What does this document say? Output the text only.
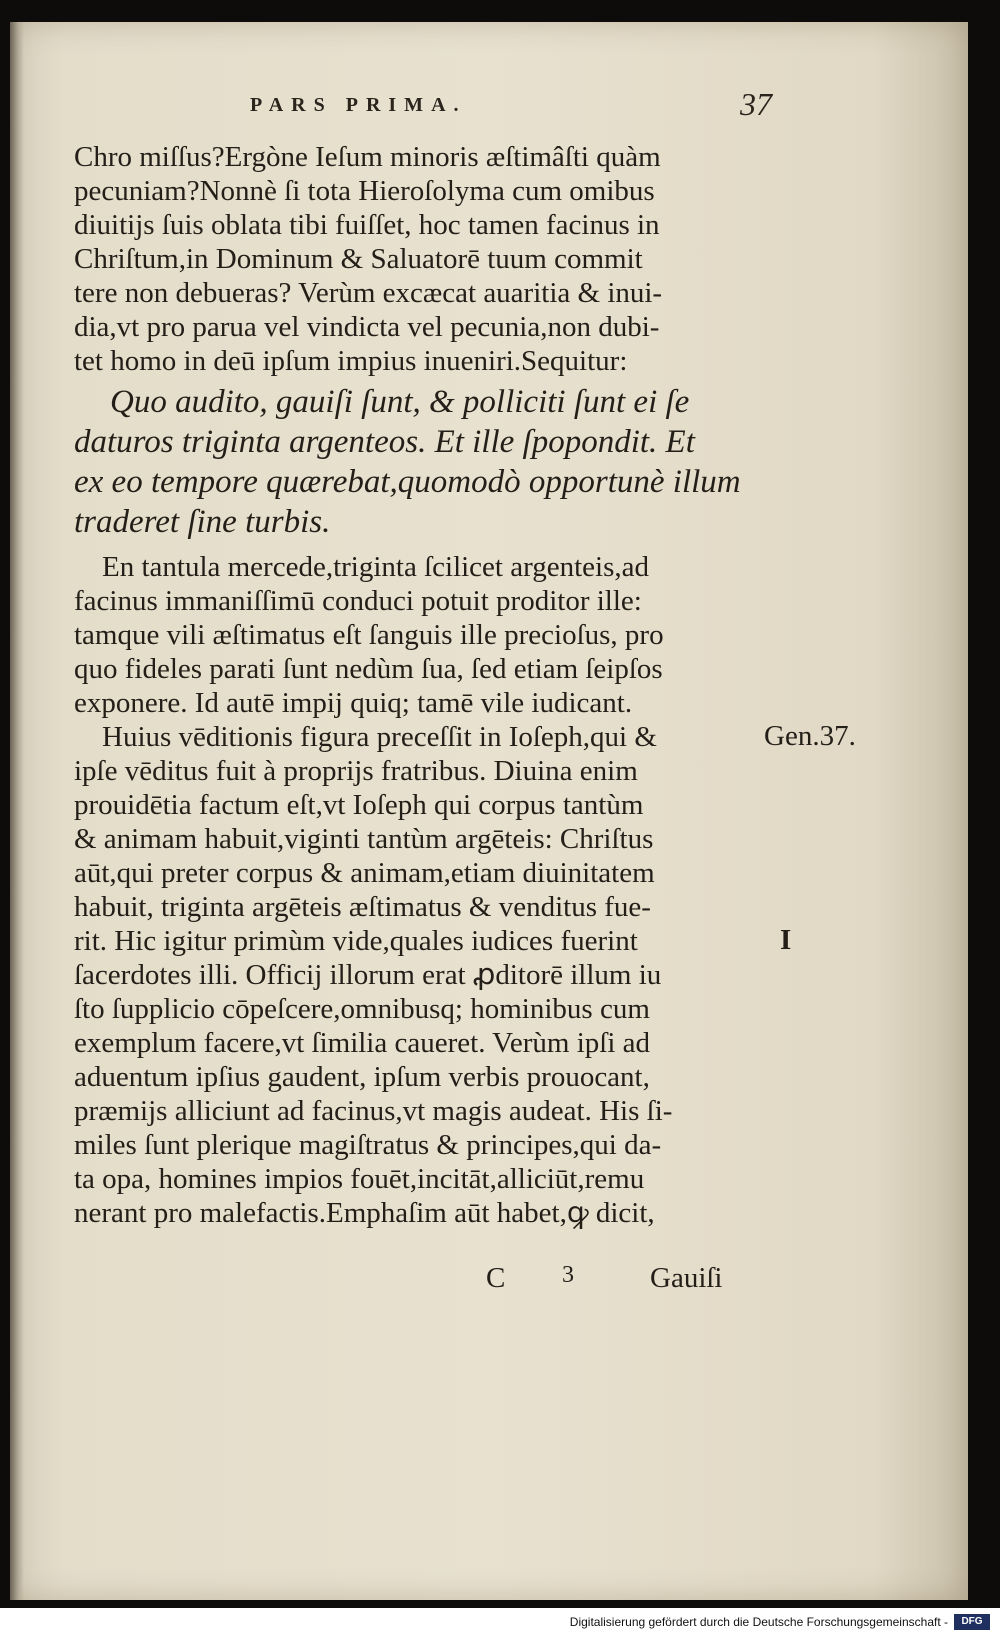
PARS PRIMA.	37
Chro miſſus?Ergòne Ieſum minoris æſtimâſti quàm
pecuniam?Nonnè ſi tota Hieroſolyma cum omibus
diuitijs ſuis oblata tibi fuiſſet, hoc tamen facinus in
Chriſtum,in Dominum & Saluatorē tuum commit
tere non debueras? Verùm excæcat auaritia & inui-
dia,vt pro parua vel vindicta vel pecunia,non dubi-
tet homo in deū ipſum impius inueniri.Sequitur:
Quo audito, gauiſi ſunt, & polliciti ſunt ei ſe
daturos triginta argenteos. Et ille ſpopondit. Et
ex eo tempore quærebat,quomodò opportunè illum
traderet ſine turbis.
En tantula mercede,triginta ſcilicet argenteis,ad
facinus immaniſſimū conduci potuit proditor ille:
tamque vili æſtimatus eſt ſanguis ille precioſus, pro
quo fideles parati ſunt nedùm ſua, ſed etiam ſeipſos
exponere. Id autē impij quiq; tamē vile iudicant.
Huius vēditionis figura preceſſit in Ioſeph,qui &
ipſe vēditus fuit à proprijs fratribus. Diuina enim
prouidētia factum eſt,vt Ioſeph qui corpus tantùm
& animam habuit,viginti tantùm argēteis: Chriſtus
aūt,qui preter corpus & animam,etiam diuinitatem
habuit, triginta argēteis æſtimatus & venditus fue-
rit. Hic igitur primùm vide,quales iudices fuerint
ſacerdotes illi. Officij illorum erat ꝓditorē illum iu
ſto ſupplicio cōpeſcere,omnibusq; hominibus cum
exemplum facere,vt ſimilia caueret. Verùm ipſi ad
aduentum ipſius gaudent, ipſum verbis prouocant,
præmijs alliciunt ad facinus,vt magis audeat. His ſi-
miles ſunt plerique magiſtratus & principes,qui da-
ta opa, homines impios fouēt,incitāt,alliciūt,remu
nerant pro malefactis.Emphaſim aūt habet,ꝙ dicit,
Gen.37.
I
C 3	Gauiſi
Digitalisierung gefördert durch die Deutsche Forschungsgemeinschaft -	DFG
